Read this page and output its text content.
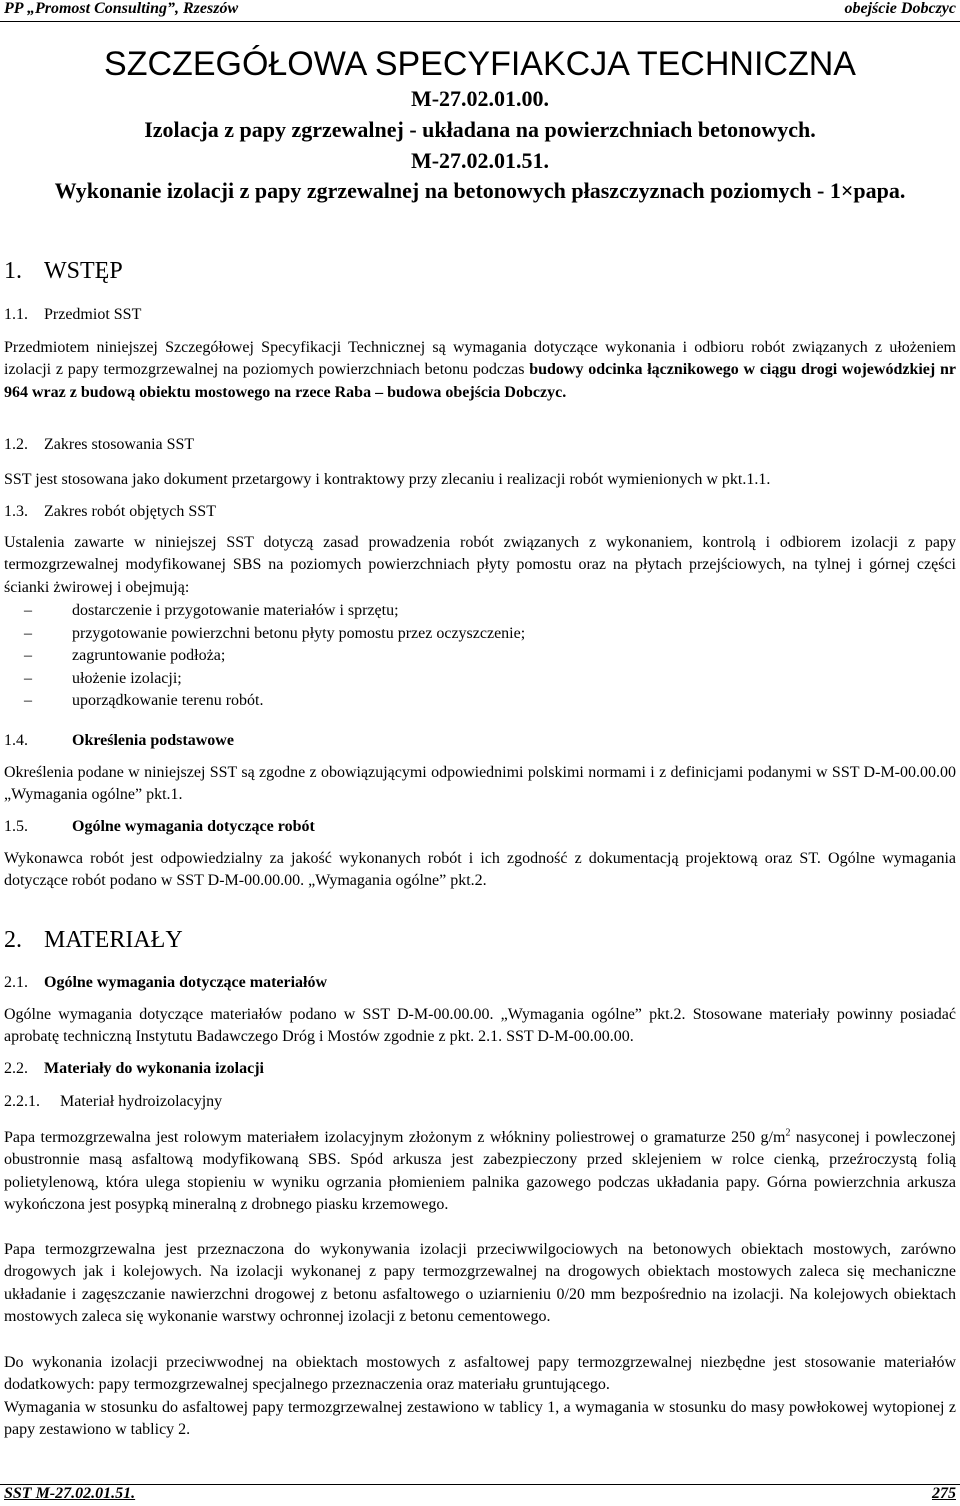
PP „Promost Consulting”, Rzeszów	obejście Dobczyc
SZCZEGÓŁOWA SPECYFIAKCJA TECHNICZNA
M-27.02.01.00.
Izolacja z papy zgrzewalnej - układana na powierzchniach betonowych.
M-27.02.01.51.
Wykonanie izolacji z papy zgrzewalnej na betonowych płaszczyznach poziomych - 1×papa.
1. WSTĘP
1.1. Przedmiot SST

Przedmiotem niniejszej Szczegółowej Specyfikacji Technicznej są wymagania dotyczące wykonania i odbioru robót związanych z ułożeniem izolacji z papy termozgrzewalnej na poziomych powierzchniach betonu podczas budowy odcinka łącznikowego w ciągu drogi wojewódzkiej nr 964 wraz z budową obiektu mostowego na rzece Raba – budowa obejścia Dobczyc.

1.2. Zakres stosowania SST

SST jest stosowana jako dokument przetargowy i kontraktowy przy zlecaniu i realizacji robót wymienionych w pkt.1.1.

1.3. Zakres robót objętych SST

Ustalenia zawarte w niniejszej SST dotyczą zasad prowadzenia robót związanych z wykonaniem, kontrolą i odbiorem izolacji z papy termozgrzewalnej modyfikowanej SBS na poziomych powierzchniach płyty pomostu oraz na płytach przejściowych, na tylnej i górnej części ścianki żwirowej i obejmują:

–	dostarczenie i przygotowanie materiałów i sprzętu;
–	przygotowanie powierzchni betonu płyty pomostu przez oczyszczenie;
–	zagruntowanie podłoża;
–	ułożenie izolacji;
–	uporządkowanie terenu robót.
1.4.	Określenia podstawowe

Określenia podane w niniejszej SST są zgodne z obowiązującymi odpowiednimi polskimi normami i z definicjami podanymi w SST D-M-00.00.00 „Wymagania ogólne” pkt.1.

1.5.	Ogólne wymagania dotyczące robót

Wykonawca robót jest odpowiedzialny za jakość wykonanych robót i ich zgodność z dokumentacją projektową oraz ST. Ogólne wymagania dotyczące robót podano w SST D-M-00.00.00. „Wymagania ogólne” pkt.2.

2. MATERIAŁY
2.1. Ogólne wymagania dotyczące materiałów

Ogólne wymagania dotyczące materiałów podano w SST D-M-00.00.00. „Wymagania ogólne” pkt.2. Stosowane materiały powinny posiadać aprobatę techniczną Instytutu Badawczego Dróg i Mostów zgodnie z pkt. 2.1. SST D-M-00.00.00.

2.2. Materiały do wykonania izolacji
2.2.1. Materiał hydroizolacyjny

Papa termozgrzewalna jest rolowym materiałem izolacyjnym złożonym z włókniny poliestrowej o gramaturze 250 $g/m^2$ nasyconej i powleczonej obustronnie masą asfaltową modyfikowaną SBS. Spód arkusza jest zabezpieczony przed sklejeniem w rolce cienką, przeźroczystą folią polietylenową, która ulega stopieniu w wyniku ogrzania płomieniem palnika gazowego podczas układania papy. Górna powierzchnia arkusza wykończona jest posypką mineralną z drobnego piasku krzemowego.

Papa termozgrzewalna jest przeznaczona do wykonywania izolacji przeciwwilgociowych na betonowych obiektach mostowych, zarówno drogowych jak i kolejowych. Na izolacji wykonanej z papy termozgrzewalnej na drogowych obiektach mostowych zaleca się mechaniczne układanie i zagęszczanie nawierzchni drogowej z betonu asfaltowego o uziarnieniu 0/20 mm bezpośrednio na izolacji. Na kolejowych obiektach mostowych zaleca się wykonanie warstwy ochronnej izolacji z betonu cementowego.

Do wykonania izolacji przeciwwodnej na obiektach mostowych z asfaltowej papy termozgrzewalnej niezbędne jest stosowanie materiałów dodatkowych: papy termozgrzewalnej specjalnego przeznaczenia oraz materiału gruntującego.

Wymagania w stosunku do asfaltowej papy termozgrzewalnej zestawiono w tablicy 1, a wymagania w stosunku do masy powłokowej wytopionej z papy zestawiono w tablicy 2.

SST M-27.02.01.51.	275
